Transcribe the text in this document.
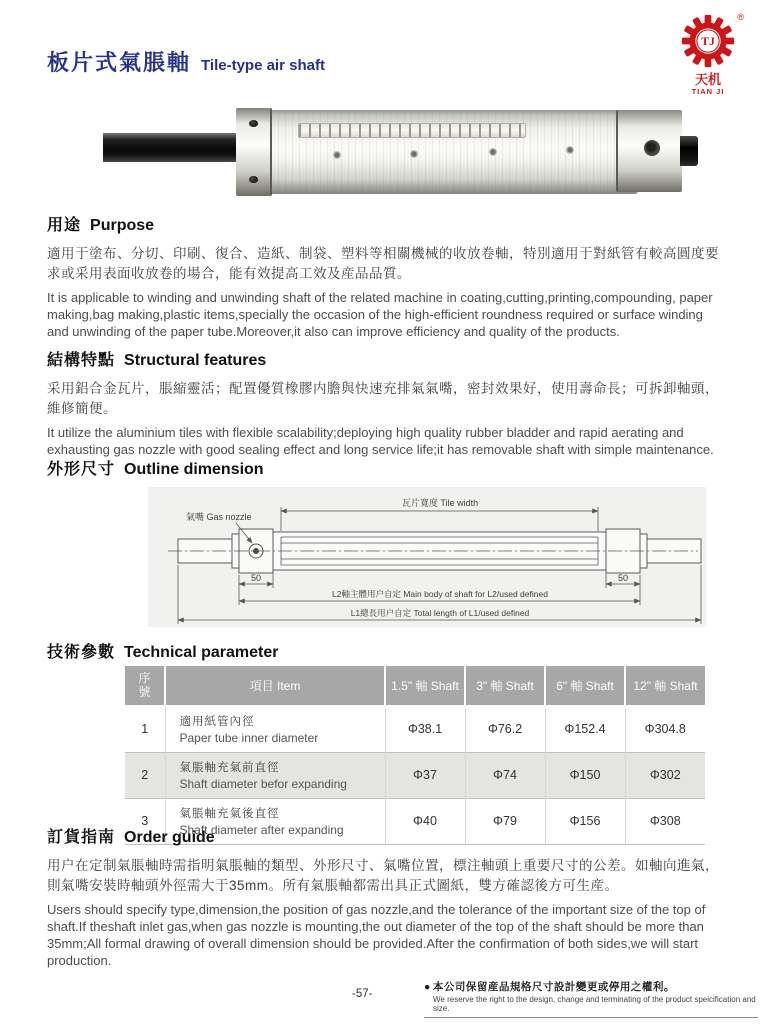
板片式氣脹軸 Tile-type air shaft
®
TJ
天机
TIAN JI
用途 Purpose

適用于塗布、分切、印刷、復合、造紙、制袋、塑料等相關機械的收放卷軸，特別適用于對紙管有較高圓度要求或采用表面收放卷的場合，能有效提高工效及産品品質。

It is applicable to winding and unwinding shaft of the related machine in coating,cutting,printing,compounding, paper making,bag making,plastic items,specially the occasion of the high-efficient roundness required or surface winding and unwinding of the paper tube.Moreover,it also can improve efficiency and quality of the products.

結構特點 Structural features

采用鋁合金瓦片，脹縮靈活；配置優質橡膠内膽與快速充排氣氣嘴，密封效果好，使用壽命長；可拆卸軸頭，維修簡便。

It utilize the aluminium tiles with flexible scalability;deploying high quality rubber bladder and rapid aerating and exhausting gas nozzle with good sealing effect and long service life;it has removable shaft with simple maintenance.

外形尺寸 Outline dimension
瓦片寬度 Tile width
氣嘴 Gas nozzle
50	50
L2軸主體用户自定 Main body of shaft for L2/used defined
L1總長用户自定 Total length of L1/used defined
技術參數 Technical parameter
序號	項目 Item	1.5" 軸 Shaft	3" 軸 Shaft	6" 軸 Shaft	12" 軸 Shaft
1	適用紙管內徑
Paper tube inner diameter	Φ38.1	Φ76.2	Φ152.4	Φ304.8
2	氣脹軸充氣前直徑
Shaft diameter befor expanding	Φ37	Φ74	Φ150	Φ302
3	氣脹軸充氣後直徑
Shaft diameter after expanding	Φ40	Φ79	Φ156	Φ308
訂貨指南 Order guide

用户在定制氣脹軸時需指明氣脹軸的類型、外形尺寸、氣嘴位置，標注軸頭上重要尺寸的公差。如軸向進氣，則氣嘴安裝時軸頭外徑需大于35mm。所有氣脹軸都需出具正式圖紙，雙方確認後方可生産。

Users should specify type,dimension,the position of gas nozzle,and the tolerance of the important size of the top of shaft.If theshaft inlet gas,when gas nozzle is mounting,the out diameter of the top of the shaft should be more than 35mm;All formal drawing of overall dimension should be provided.After the confirmation of both sides,we will start production.

-57-
● 本公司保留産品規格尺寸設計變更或停用之權利。
We reserve the right to the design, change and terminating of the product speicification and size.
